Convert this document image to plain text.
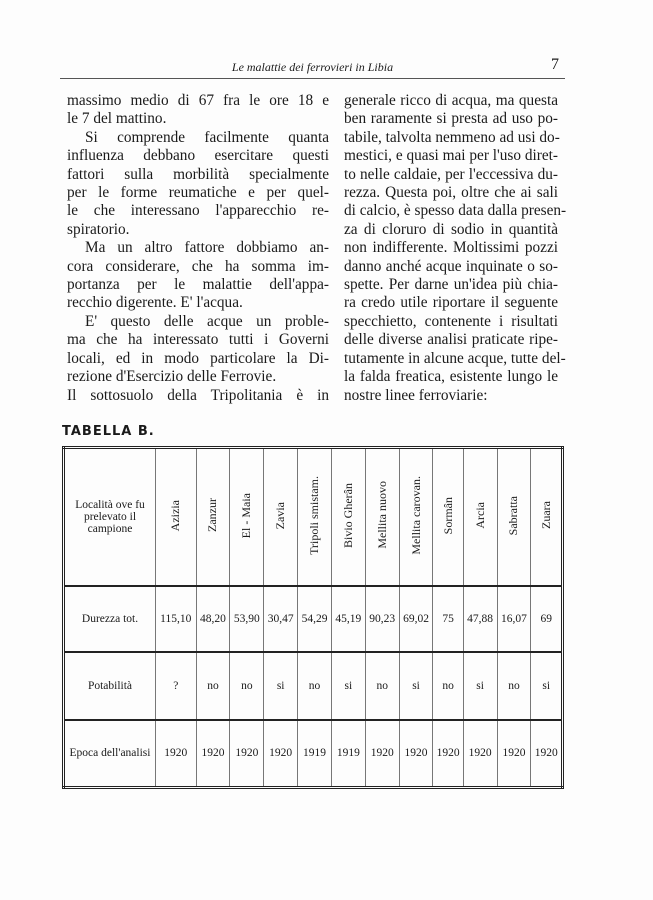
Le malattie dei ferrovieri in Libia	7
massimo medio di 67 fra le ore 18 e
le 7 del mattino.
Si comprende facilmente quanta
influenza debbano esercitare questi
fattori sulla morbilità specialmente
per le forme reumatiche e per quel-
le che interessano l'apparecchio re-
spiratorio.
Ma un altro fattore dobbiamo an-
cora considerare, che ha somma im-
portanza per le malattie dell'appa-
recchio digerente. E' l'acqua.
E' questo delle acque un proble-
ma che ha interessato tutti i Governi
locali, ed in modo particolare la Di-
rezione d'Esercizio delle Ferrovie.
Il sottosuolo della Tripolitania è in
generale ricco di acqua, ma questa
ben raramente si presta ad uso po-
tabile, talvolta nemmeno ad usi do-
mestici, e quasi mai per l'uso diret-
to nelle caldaie, per l'eccessiva du-
rezza. Questa poi, oltre che ai sali
di calcio, è spesso data dalla presen-
za di cloruro di sodio in quantità
non indifferente. Moltissimi pozzi
danno anché acque inquinate o so-
spette. Per darne un'idea più chia-
ra credo utile riportare il seguente
specchietto, contenente i risultati
delle diverse analisi praticate ripe-
tutamente in alcune acque, tutte del-
la falda freatica, esistente lungo le
nostre linee ferroviarie:
TABELLA B.
Località ove fu prelevato il campione	Azizia	Zanzur	El - Maia	Zavia	Tripoli smistam.	Bivio Gherân	Mellita nuovo	Mellita carovan.	Sormân	Arcia	Sabratta	Zuara
Durezza tot.	115,10	48,20	53,90	30,47	54,29	45,19	90,23	69,02	75	47,88	16,07	69
Potabilità	?	no	no	si	no	si	no	si	no	si	no	si
Epoca dell'analisi	1920	1920	1920	1920	1919	1919	1920	1920	1920	1920	1920	1920
